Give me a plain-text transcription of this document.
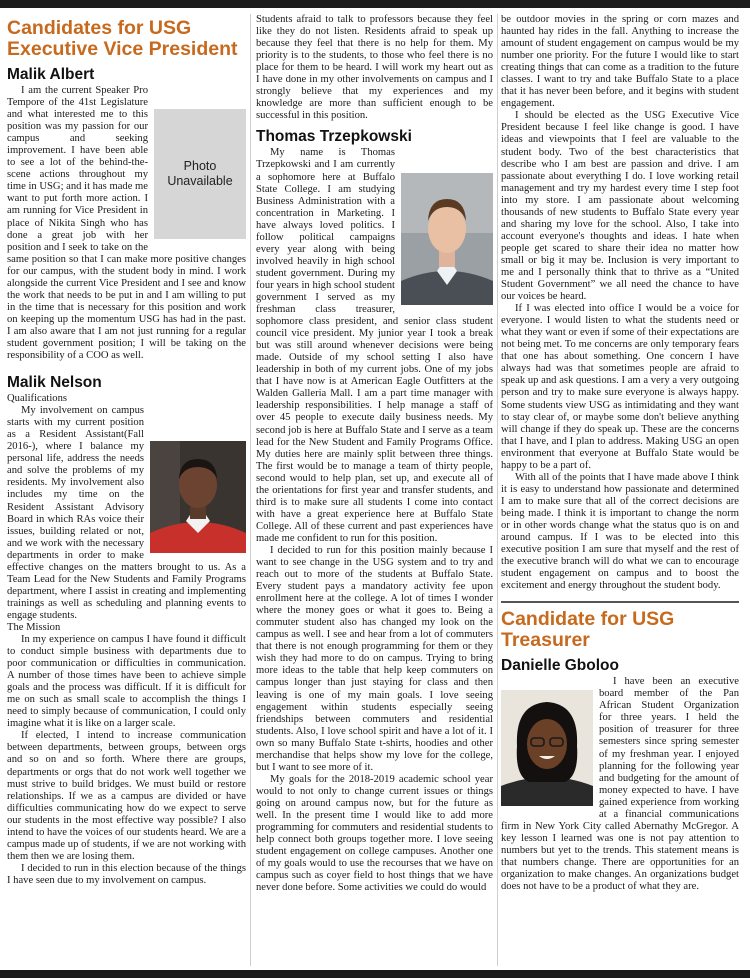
Candidates for USG Executive Vice President
Malik Albert
Photo Unavailable

I am the current Speaker Pro Tempore of the 41st Legislature and what interested me to this position was my passion for our campus and seeking improvement. I have been able to see a lot of the behind-the-scene actions throughout my time in USG; and it has made me want to put forth more action. I am running for Vice President in place of Nikita Singh who has done a great job with her position and I seek to take on the same position so that I can make more positive changes for our campus, with the student body in mind. I work alongside the current Vice President and I see and know the work that needs to be put in and I am willing to put in the time that is necessary for this position and work on keeping up the momentum USG has had in the past. I am also aware that I am not just running for a regular student government position; I will be taking on the responsibility of a COO as well.

Malik Nelson
Qualifications

My involvement on campus starts with my current position as a Resident Assistant(Fall 2016-), where I balance my personal life, address the needs and solve the problems of my residents. My involvement also includes my time on the Resident Assistant Advisory Board in which RAs voice their issues, building related or not, and we work with the necessary departments in order to make effective changes on the matters brought to us. As a Team Lead for the New Students and Family Programs department, where I assist in creating and implementing trainings as well as scheduling and planning events to engage students.

The Mission

In my experience on campus I have found it difficult to conduct simple business with departments due to poor communication or difficulties in communication. A number of those times have been to achieve simple goals and the process was difficult. If it is difficult for me on such as small scale to accomplish the things I need to simply because of communication, I could only imagine what it is like on a larger scale.

If elected, I intend to increase communication between departments, between groups, between orgs and so on and so forth. Where there are groups, departments or orgs that do not work well together we must strive to build bridges. We must build or restore relationships. If we as a campus are divided or have difficulties communicating how do we expect to serve our students in the most effective way possible? I also intend to have the voices of our students heard. We are a campus made up of students, if we are not working with them then we are losing them.

I decided to run in this election because of the things I have seen due to my involvement on campus.

Students afraid to talk to professors because they feel like they do not listen. Residents afraid to speak up because they feel that there is no help for them. My priority is to the students, to those who feel there is no place for them to be heard. I will work my heart out as I have done in my other involvements on campus and I strongly believe that my experiences and my knowledge are more than sufficient enough to be successful in this position.

Thomas Trzepkowski

My name is Thomas Trzepkowski and I am currently a sophomore here at Buffalo State College. I am studying Business Administration with a concentration in Marketing. I have always loved politics. I follow political campaigns every year along with being involved heavily in high school student government. During my four years in high school student government I served as my freshman class treasurer, sophomore class president, and senior class student council vice president. My junior year I took a break but was still around whenever decisions were being made. Outside of my school setting I also have leadership in both of my current jobs. One of my jobs that I have now is at American Eagle Outfitters at the Walden Galleria Mall. I am a part time manager with leadership responsibilities. I help manage a staff of over 45 people to execute daily business needs. My second job is here at Buffalo State and I serve as a team lead for the New Student and Family Programs Office. My duties here are mainly split between three things. The first would be to manage a team of thirty people, second would to help plan, set up, and execute all of the orientations for first year and transfer students, and third is to make sure all students I come into contact with have a great experience here at Buffalo State College. All of these current and past experiences have made me confident to run for this position.

I decided to run for this position mainly because I want to see change in the USG system and to try and reach out to more of the students at Buffalo State. Every student pays a mandatory activity fee upon enrollment here at the college. A lot of times I wonder where the money goes or what it goes to. Being a commuter student also has changed my look on the campus as well. I see and hear from a lot of commuters that there is not enough programming for them or they wish they had more to do on campus. Trying to bring more ideas to the table that help keep commuters on campus longer than just staying for class and then leaving is one of my main goals. I love seeing engagement within students especially seeing friendships between commuters and residential students. Also, I love school spirit and have a lot of it. I own so many Buffalo State t-shirts, hoodies and other merchandise that helps show my love for the college, but I want to see more of it.

My goals for the 2018-2019 academic school year would to not only to change current issues or things going on around campus now, but for the future as well. In the present time I would like to add more programming for commuters and residential students to help connect both groups together more. I love seeing student engagement on college campuses. Another one of my goals would to use the recourses that we have on campus such as coyer field to host things that we have never done before. Some activities we could do would

be outdoor movies in the spring or corn mazes and haunted hay rides in the fall. Anything to increase the amount of student engagement on campus would be my number one priority. For the future I would like to start creating things that can come as a tradition to the future classes. I want to try and take Buffalo State to a place that it has never been before, and it begins with student engagement.

I should be elected as the USG Executive Vice President because I feel like change is good. I have ideas and viewpoints that I feel are valuable to the student body. Two of the best characteristics that describe who I am best are passion and drive. I am passionate about everything I do. I love working retail management and try my hardest every time I step foot into my store. I am passionate about welcoming thousands of new students to Buffalo State every year and sharing my love for the school. Also, I take into account everyone's thoughts and ideas. I hate when people get scared to share their idea no matter how small or big it may be. Inclusion is very important to me and I personally think that to thrive as a “United Student Government” we all need the chance to have our voices be heard.

If I was elected into office I would be a voice for everyone. I would listen to what the students need or what they want or even if some of their expectations are not being met. To me concerns are only temporary fears that one has about something. One concern I have always had was that sometimes people are afraid to speak up and ask questions. I am a very a very outgoing person and try to make sure everyone is always happy. Some students view USG as intimidating and they want to stay clear of, or maybe some don't believe anything will change if they do speak up. These are the concerns that I have, and I plan to address. Making USG an open environment that everyone at Buffalo State would be happy to be a part of.

With all of the points that I have made above I think it is easy to understand how passionate and determined I am to make sure that all of the correct decisions are being made. I think it is important to change the norm or in other words change what the status quo is on and around campus. If I was to be elected into this executive position I am sure that myself and the rest of the executive branch will do what we can to encourage student engagement on campus and to boost the excitement and energy throughout the student body.

Candidate for USG Treasurer
Danielle Gboloo

I have been an executive board member of the Pan African Student Organization for three years. I held the position of treasurer for three semesters since spring semester of my freshman year. I enjoyed planning for the following year and budgeting for the amount of money expected to have. I have gained experience from working at a financial communications firm in New York City called Abernathy McGregor. A key lesson I learned was one is not pay attention to numbers but yet to the trends. This statement means is that numbers change. There are opportunities for an organization to make changes. An organizations budget does not have to be a product of what they are.
